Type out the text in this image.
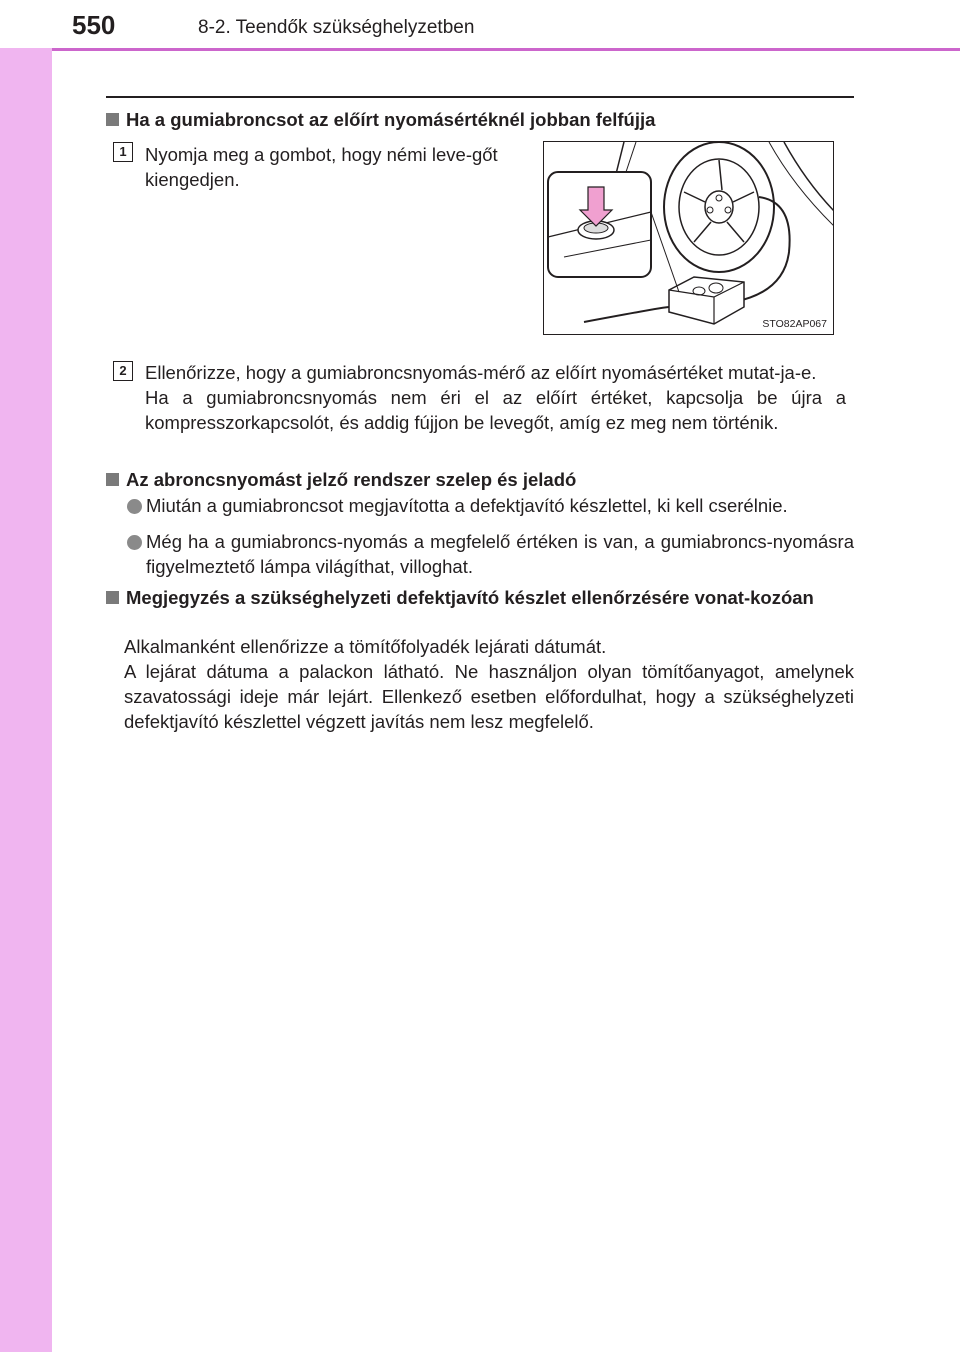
550	8-2. Teendők szükséghelyzetben
Ha a gumiabroncsot az előírt nyomásértéknél jobban felfújja
1 Nyomja meg a gombot, hogy némi leve-gőt kiengedjen.
STO82AP067
2 Ellenőrizze, hogy a gumiabroncsnyomás-mérő az előírt nyomásértéket mutat-ja-e.
Ha a gumiabroncsnyomás nem éri el az előírt értéket, kapcsolja be újra a kompresszorkapcsolót, és addig fújjon be levegőt, amíg ez meg nem történik.
Az abroncsnyomást jelző rendszer szelep és jeladó
Miután a gumiabroncsot megjavította a defektjavító készlettel, ki kell cserélnie.
Még ha a gumiabroncs-nyomás a megfelelő értéken is van, a gumiabroncs-nyomásra figyelmeztető lámpa világíthat, villoghat.
Megjegyzés a szükséghelyzeti defektjavító készlet ellenőrzésére vonat-kozóan
Alkalmanként ellenőrizze a tömítőfolyadék lejárati dátumát.
A lejárat dátuma a palackon látható. Ne használjon olyan tömítőanyagot, amelynek szavatossági ideje már lejárt. Ellenkező esetben előfordulhat, hogy a szükséghelyzeti defektjavító készlettel végzett javítás nem lesz megfelelő.
